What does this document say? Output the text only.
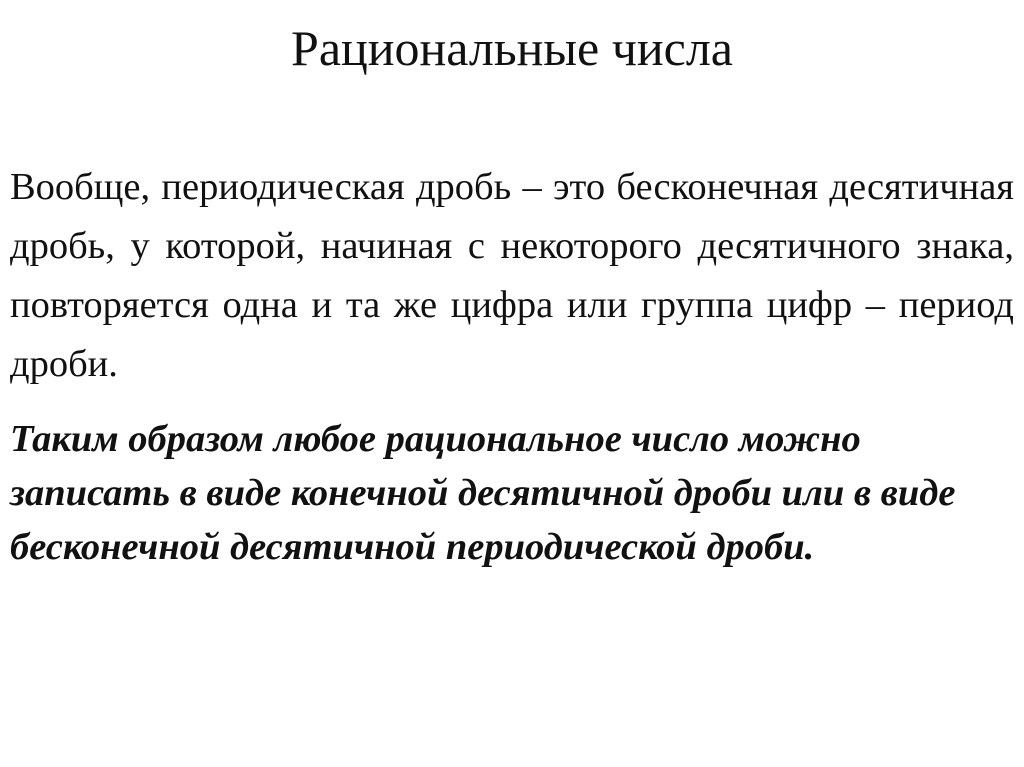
Рациональные числа

Вообще, периодическая дробь – это бесконечная десятичная дробь, у которой, начиная с некоторого десятичного знака, повторяется одна и та же цифра или группа цифр – период дроби.

Таким образом любое рациональное число можно записать в виде конечной десятичной дроби или в виде бесконечной десятичной периодической дроби.
